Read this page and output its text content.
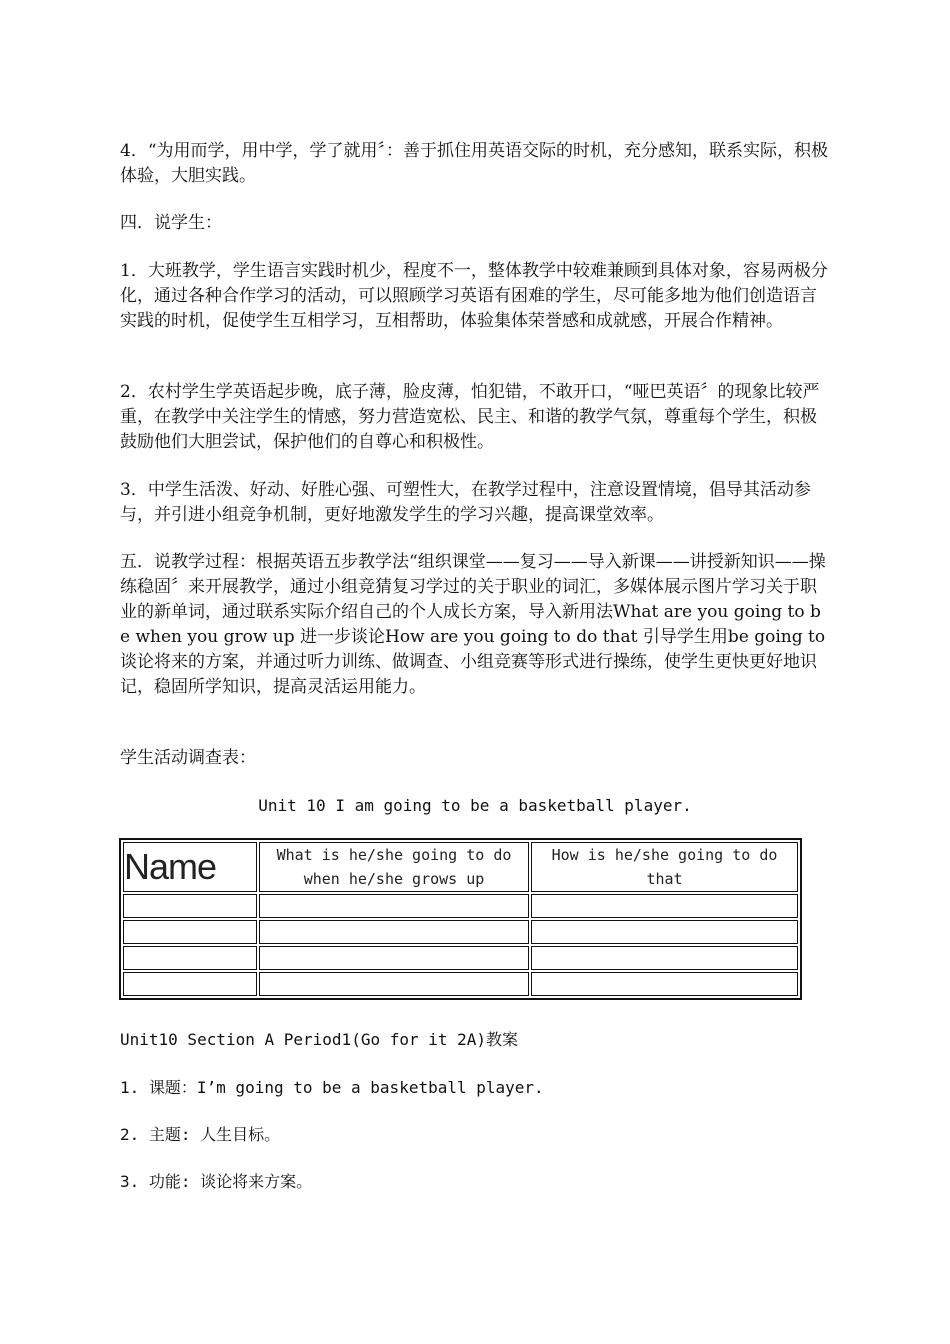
4．“为用而学，用中学，学了就用〞：善于抓住用英语交际的时机，充分感知，联系实际，积极体验，大胆实践。

四．说学生：

1．大班教学，学生语言实践时机少，程度不一，整体教学中较难兼顾到具体对象，容易两极分化，通过各种合作学习的活动，可以照顾学习英语有困难的学生，尽可能多地为他们创造语言实践的时机，促使学生互相学习，互相帮助，体验集体荣誉感和成就感，开展合作精神。

2．农村学生学英语起步晚，底子薄，脸皮薄，怕犯错，不敢开口，“哑巴英语〞的现象比较严重，在教学中关注学生的情感，努力营造宽松、民主、和谐的教学气氛，尊重每个学生，积极鼓励他们大胆尝试，保护他们的自尊心和积极性。

3．中学生活泼、好动、好胜心强、可塑性大，在教学过程中，注意设置情境，倡导其活动参与，并引进小组竞争机制，更好地激发学生的学习兴趣，提高课堂效率。

五．说教学过程：根据英语五步教学法“组织课堂——复习——导入新课——讲授新知识——操练稳固〞来开展教学，通过小组竞猜复习学过的关于职业的词汇，多媒体展示图片学习关于职业的新单词，通过联系实际介绍自己的个人成长方案，导入新用法What are you going to be when you grow up 进一步谈论How are you going to do that 引导学生用be going to 谈论将来的方案，并通过听力训练、做调查、小组竞赛等形式进行操练，使学生更快更好地识记，稳固所学知识，提高灵活运用能力。

学生活动调查表：

Unit 10 I am going to be a basketball player.
Name	What is he/she going to do when he/she grows up	How is he/she going to do that

Unit10 Section A Period1(Go for it 2A)教案

1. 课题：I’m going to be a basketball player.

2. 主题: 人生目标。

3. 功能: 谈论将来方案。
